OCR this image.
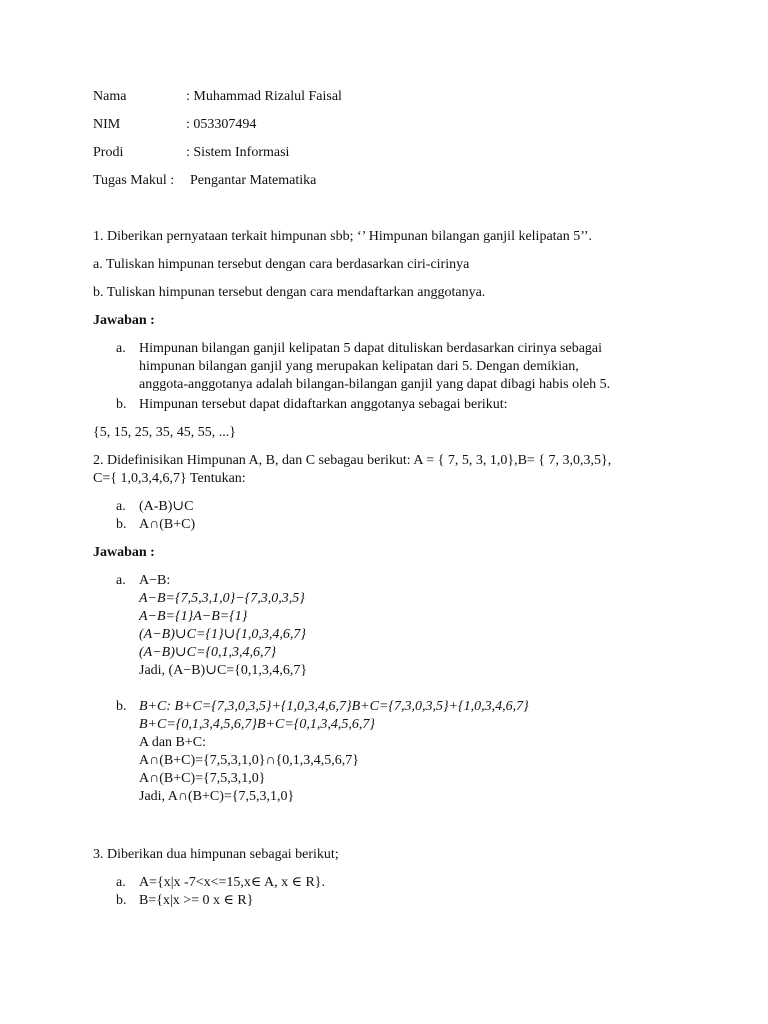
Nama	: Muhammad Rizalul Faisal
NIM	: 053307494
Prodi	: Sistem Informasi
Tugas Makul : Pengantar Matematika
1. Diberikan pernyataan terkait himpunan sbb; ‘’ Himpunan bilangan ganjil kelipatan 5’’.
a. Tuliskan himpunan tersebut dengan cara berdasarkan ciri-cirinya
b. Tuliskan himpunan tersebut dengan cara mendaftarkan anggotanya.
Jawaban :
a. Himpunan bilangan ganjil kelipatan 5 dapat dituliskan berdasarkan cirinya sebagai
himpunan bilangan ganjil yang merupakan kelipatan dari 5. Dengan demikian,
anggota-anggotanya adalah bilangan-bilangan ganjil yang dapat dibagi habis oleh 5.
b. Himpunan tersebut dapat didaftarkan anggotanya sebagai berikut:
{5, 15, 25, 35, 45, 55, ...}
2. Didefinisikan Himpunan A, B, dan C sebagau berikut: A = { 7, 5, 3, 1,0},B= { 7, 3,0,3,5},
C={ 1,0,3,4,6,7} Tentukan:
a. (A-B)∪C
b. A∩(B+C)
Jawaban :
a. A−B:
A−B={7,5,3,1,0}−{7,3,0,3,5}
A−B={1}A−B={1}
(A−B)∪C={1}∪{1,0,3,4,6,7}
(A−B)∪C={0,1,3,4,6,7}
Jadi, (A−B)∪C={0,1,3,4,6,7}
b. B+C: B+C={7,3,0,3,5}+{1,0,3,4,6,7}B+C={7,3,0,3,5}+{1,0,3,4,6,7}
B+C={0,1,3,4,5,6,7}B+C={0,1,3,4,5,6,7}
A dan B+C:
A∩(B+C)={7,5,3,1,0}∩{0,1,3,4,5,6,7}
A∩(B+C)={7,5,3,1,0}
Jadi, A∩(B+C)={7,5,3,1,0}
3. Diberikan dua himpunan sebagai berikut;
a. A={x|x -7<x<=15,x∈ A, x ∈ R}.
b. B={x|x >= 0 x ∈ R}
